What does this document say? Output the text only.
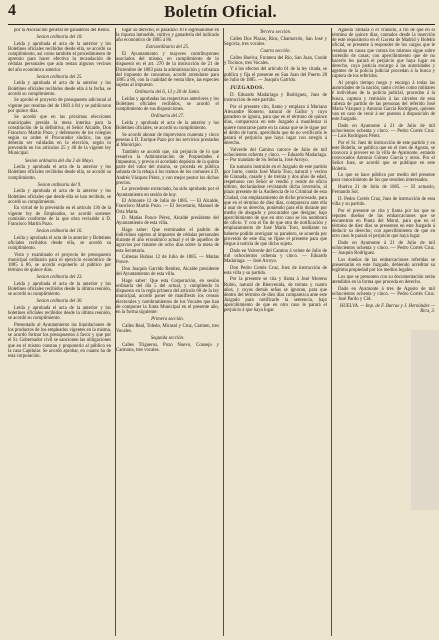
4	Boletín Oficial.

por la Asociación general de ganaderos del Reino.

Sesion ordinaria del 18.

Leída y aprobada el acta de la anterior y los Boletines oficiales recibidos desde ella, se acordó su cumplimiento, así como también el procedimiento de apremio para hacer efectiva la recaudación de cédulas personales que aún restan algunos vecinos del año económico anterior.

Sesion ordinaria del 25.

Leída y aprobada el acta de la anterior y los Boletines oficiales recibidos desde ella á la fecha, se acordó su cumplimiento.

Se aprobó el proyecto de presupuesto adicional al vigente por resultas del de 1883 á 84 y se publicaron por quince días.

Se acordó que en las próximas elecciones municipales presida la mesa interina para la constitución de la definitiva, el Señor Alcalde, Don Francisco Martín Pozo, y defensores de los colegios según su orden el Procurador síndico, las que deberán ser validadas en la elección, según lo prevenido en los artículos 25 y 48 de la vigente ley Municipal.

Sesion ordinaria del dia 2 de Mayo.

Leída y aprobada el acta de la anterior y los Boletines oficiales recibidos desde ella, se acordó su cumplimiento.

Sesion ordinaria del 9.

Leída y aprobada el acta de la anterior y los Boletines oficiales que desde ella se han recibido, se acordó su cumplimiento.

En virtud de lo prevenido en el artículo 136 de la vigente ley de Empleados, se acordó sostener comisión conforme de la que obra revisable á D. Francisco Martín Pozo.

Sesion ordinaria del 16.

Leída y aprobada el acta de la anterior y Boletines oficiales recibidos desde ella, se acordó su cumplimiento.

Visto y examinado el proyecto de presupuesto municipal ordinario para el ejercicio económico de 1885 á 86, se acordó exponerlo al público por término de quince días.

Sesion ordinaria del 23.

Leída y aprobada el acta de la anterior y los Boletines oficiales recibidos desde la última reunión, se acordó su cumplimiento.

Sesion ordinaria del 30.

Leída y aprobada el acta de la anterior y los boletines oficiales recibidos desde la última reunión, se acordó su cumplimiento.

Presentado al Ayuntamiento las liquidaciones de los productos de los empleados vigentes en la misma, se acordó formar los presupuestos á favor y que por el Sr. Gobernador civil se sancionen las obligaciones que en el mismo constan y proponerlo al público en la casa Capitular. Se acordó aprobar, en cuanto ha de esta corporación.

lugar su derecho, el pasadizo 10 é ingresándose en la riqueza inmueble, cultivo y ganadería del indicado año económico de 1885 á 86.

Extraordinaria del 25.

El Ayuntamiento y mayores contribuyentes asociados del mismo, en cumplimiento de lo dispuesto en el art. 270 de la instrucción de 21 de Diciembre de 1883 para la administración y cobranza del impuesto de consumos, acordó arrendarse para 1885 á 86, con la cualidad de venta libre, las especies sujetas al impuesto.

Ordinaria del 6, 13 y 20 de Junio.

Leídas y aprobadas las respectivas anteriores y los Boletines oficiales recibidos, se acordó el cumplimiento de sus disposiciones.

Ordinaria del 27.

Leída y aprobada el acta de la anterior y los Boletines oficiales, se acordó su cumplimiento.

Se acordó abonar de imprevistos cuarenta y cinco pesetas á D. Enrique Pazo por los servicios prestados al Municipio.

También se acordó que, sin perjuicio de lo que resuelva la Administración de Propiedades é Impuestos, y previo el acordado depósito de la quinta parte del valor del mismo, se proceda en pública subasta de la rebaja á los tramos de los comunes á D. Andrés Vázquez Pérez, y con mejor postor los dichos precios.

Lo precedente extractado, ha sido aprobado por el Ayuntamiento en sesión de hoy.

El Almonte 12 de Julio de 1885. — El Alcalde, Francisco Martín Pozo. — El Secretario, Manuel de Orta Marta.

D. Matías Ponce Pérez, Alcalde presidente del Ayuntamiento de esta villa.

Hago saber: Que terminados el padrón de individuos sujetos al impuesto de cédulas personales durante el año económico actual y el de aquellos de agravios por tratarse de ocho días sobre la mesa de esta Secretaría.

Cabezas Rubias 12 de Julio de 1885. — Matías Ponce.

Don Joaquín Garrido Benítez, Alcalde presidente del Ayuntamiento de esta villa.

Hago saber: Que esta Corporación, en sesión ordinaria del día 5 del actual, y cumpliendo lo dispuesto en la regla primera del artículo 60 de la ley municipal, acordó poner de manifiesto los censos electorales y nombramientos de los Vocales que han de componer la Junta Municipal en el presente año, en la forma siguiente:

Primera sección.

Calles Real, Toledo, Mirasol y Cruz, Carmen, tres Vocales.

Segunda sección.

Calles Trigueros, Pozo Nuevo, Consejo y Carmona, tres vocales.

Tercera sección.

Calles Dos Plazas, Ríos, Chamorrón, San José y Segovia, tres vocales.

Cuarta sección.

Calles Huelva, Frontera del Río, San Juan, Conde y Tocinos, tres Vocales.

Y á los efectos del artículo 61 de la ley citada, se publica y fija el presente en San Juan del Puerto 28 de Julio de 1885. — Joaquín Garrido.

JUZGADOS.

D. Eduardo Madariaga y Rodríguez, Juez de instrucción de este partido.

Por el presente cito, llamo y emplazo á Mariano Alexandre Romero, natural de Gallur y cuyo paradero se ignora, para que en el término de quince días, comparezca en este Juzgado á manifestar si quiere mostrarse parte en la causa que se le sigue por el delito de hurto, apercibido que de no verificarlo le parará el perjuicio que haya lugar con arreglo á derecho.

Valverde del Camino catorce de Julio de mil ochocientos ochenta y cinco. — Eduardo Madariaga. — Por mandato de Su Señoría, José Arroyo.

En sumario instruido en el Juzgado de este partido por hurto, contra José María Toro, natural y vecino de Granada, casado y de treinta y dos años de edad, respetuoso con Señor se vendió y reside de oficio ultimo, declarándose revistando dicha inversión, al plazo presente de la Audiencia de lo Criminal de esta Ciudad, con emplazamiento de dicho procesado, para que en el término de diez días, comparezca ante ella á usar de su derecho, poniendo para ello durante por medio de abogado y procurador que designe; bajo apercibimiento de que en otro caso se los nombrará de oficio. Y con el fin de que otra de notificación y emplazamiento de José María Toro, mediante no haberse podido averiguar su paradero, se acuerda por proveído de este día; se fijase el presente para que llegue á noticia de que dicho sujeto.

Dado en Valverde del Camino á veinte de Julio de mil ochocientos ochenta y cinco. — Eduardo Madariaga. — José Arroyo.

Don Pedro Cortés Cruz, Juez de instrucción de esta villa y su partido.

Por la presente se cita y llama á José Moreno Rubio, natural de Bienvenida, de treinta y cuatro años, y cuyas demás señas se ignoran, para que dentro del término de diez días comparezca ante este Juzgado para notificarle la sentencia, bajo apercibimiento de que en otro caso le parará el perjuicio á que haya lugar.

Agueda Tablaza ó el Tránsito, á fin de que en el término de quince días, contados desde la inserción de este requisitorio en el Gaceta de Madrid y Boletín oficial, se presente á responder de los cargos que le resultan en causa que contra los mismos sigue sobre incendio de casas; con apercibimiento que de no hacerlo les parará el perjuicio que haya lugar en derecho, cuya justicia encargo á las autoridades y agentes de la policía judicial procedan á la busca y captura de los referidos.

Al propio tiempo ruego y encargo á todas las autoridades de la nación, tanto civiles como militares é individuos de la policía judicial, procedan á la busca, captura y remisión á las cárceles de esta cabeza de partido de las personas del referido José María Vázquez y Antonio García Rodríguez, quienes van en caso de venir á ser puestos á disposición de este Juzgado.

Dado en Ayamonte á 21 de Julio de mil ochocientos ochenta y cinco. — Pedro Cortés Cruz. — Luis Rodríguez Pérez.

Por el Sr. Juez de instrucción de este partido y en este Boletín, se publica que en el mes de Agosto, se convoca á proveer en la villa de Ayamonte, estando convocados Antonio Gómez García y otros. Por el Señor Juez, se acordó que se publique en este Boletín.

Lo que se hace público por medio del presente para conocimiento de los que resulten interesados.

Huelva 21 de Julio de 1885. — El actuario, Fernando Sol.

D. Pedro Cortés Cruz, Juez de instrucción de esta villa y su partido.

Por el presente se cita y llama por los que se reputen dueños de las embarcaciones que se encuentran en Punta del Moral, para que en el término de diez días se presenten en este Juzgado á deducir su derecho; con apercibimiento de que en otro caso le parará el perjuicio que haya lugar.

Dado en Ayamonte á 21 de Julio de mil ochocientos ochenta y cinco. — Pedro Cortés Cruz. — Joaquín Rodríguez.

Los dueños de las embarcaciones referidas se presentarán en este Juzgado, debiendo acreditar su legítima propiedad por los medios legales.

Los que se presenten con su documentación serán atendidos en la forma que proceda en derecho.

Dado en Ayamonte á tres de Agosto de mil ochocientos ochenta y cinco. — Pedro Cortés Cruz. — José Pardo y Cid.

HUELVA. — Imp. de F. Burrue y J. Hernández — Rica, 3.
